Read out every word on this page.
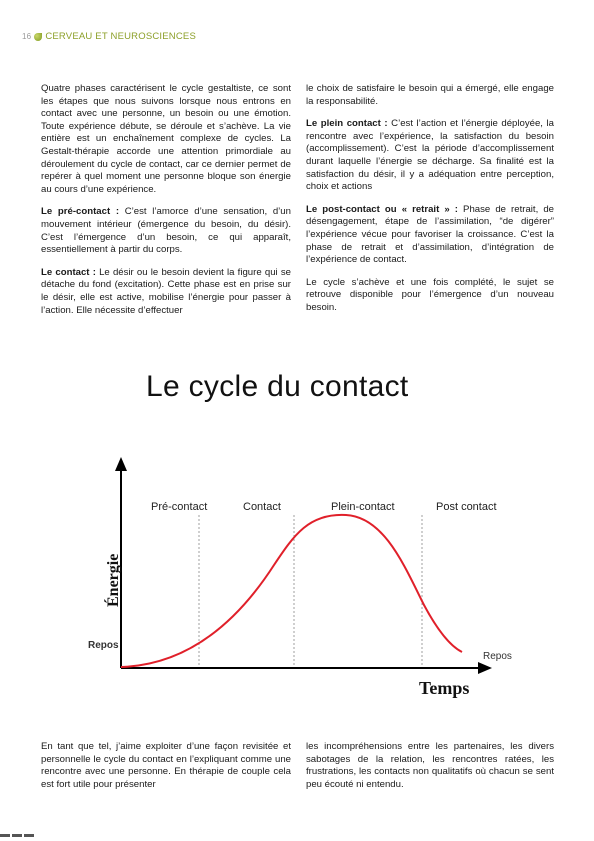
16 CERVEAU ET NEUROSCIENCES

Quatre phases caractérisent le cycle gestaltiste, ce sont les étapes que nous suivons lorsque nous entrons en contact avec une personne, un besoin ou une émotion. Toute expérience débute, se déroule et s’achève. La vie entière est un enchaînement complexe de cycles. La Gestalt-thérapie accorde une attention primordiale au déroulement du cycle de contact, car ce dernier permet de repérer à quel moment une personne bloque son énergie au cours d’une expérience.

Le pré-contact : C’est l’amorce d’une sensation, d’un mouvement intérieur (émergence du besoin, du désir). C’est l’émergence d’un besoin, ce qui apparaît, essentiellement à partir du corps.

Le contact : Le désir ou le besoin devient la figure qui se détache du fond (excitation). Cette phase est en prise sur le désir, elle est active, mobilise l’énergie pour passer à l’action. Elle nécessite d’effectuer

le choix de satisfaire le besoin qui a émergé, elle engage la responsabilité.

Le plein contact : C’est l’action et l’énergie déployée, la rencontre avec l’expérience, la satisfaction du besoin (accomplissement). C’est la période d’accomplissement durant laquelle l’énergie se décharge. Sa finalité est la satisfaction du désir, il y a adéquation entre perception, choix et actions

Le post-contact ou « retrait » : Phase de retrait, de désengagement, étape de l’assimilation, “de digérer” l’expérience vécue pour favoriser la croissance. C’est la phase de retrait et d’assimilation, d’intégration de l’expérience de contact.

Le cycle s’achève et une fois complété, le sujet se retrouve disponible pour l’émergence d’un nouveau besoin.

Le cycle du contact
Pré-contact	Contact	Plein-contact	Post contact
Repos
Repos
Énergie
Temps
En tant que tel, j’aime exploiter d’une façon revisitée et personnelle le cycle du contact en l’expliquant comme une rencontre avec une personne. En thérapie de couple cela est fort utile pour présenter
les incompréhensions entre les partenaires, les divers sabotages de la relation, les rencontres ratées, les frustrations, les contacts non qualitatifs où chacun se sent peu écouté ni entendu.
